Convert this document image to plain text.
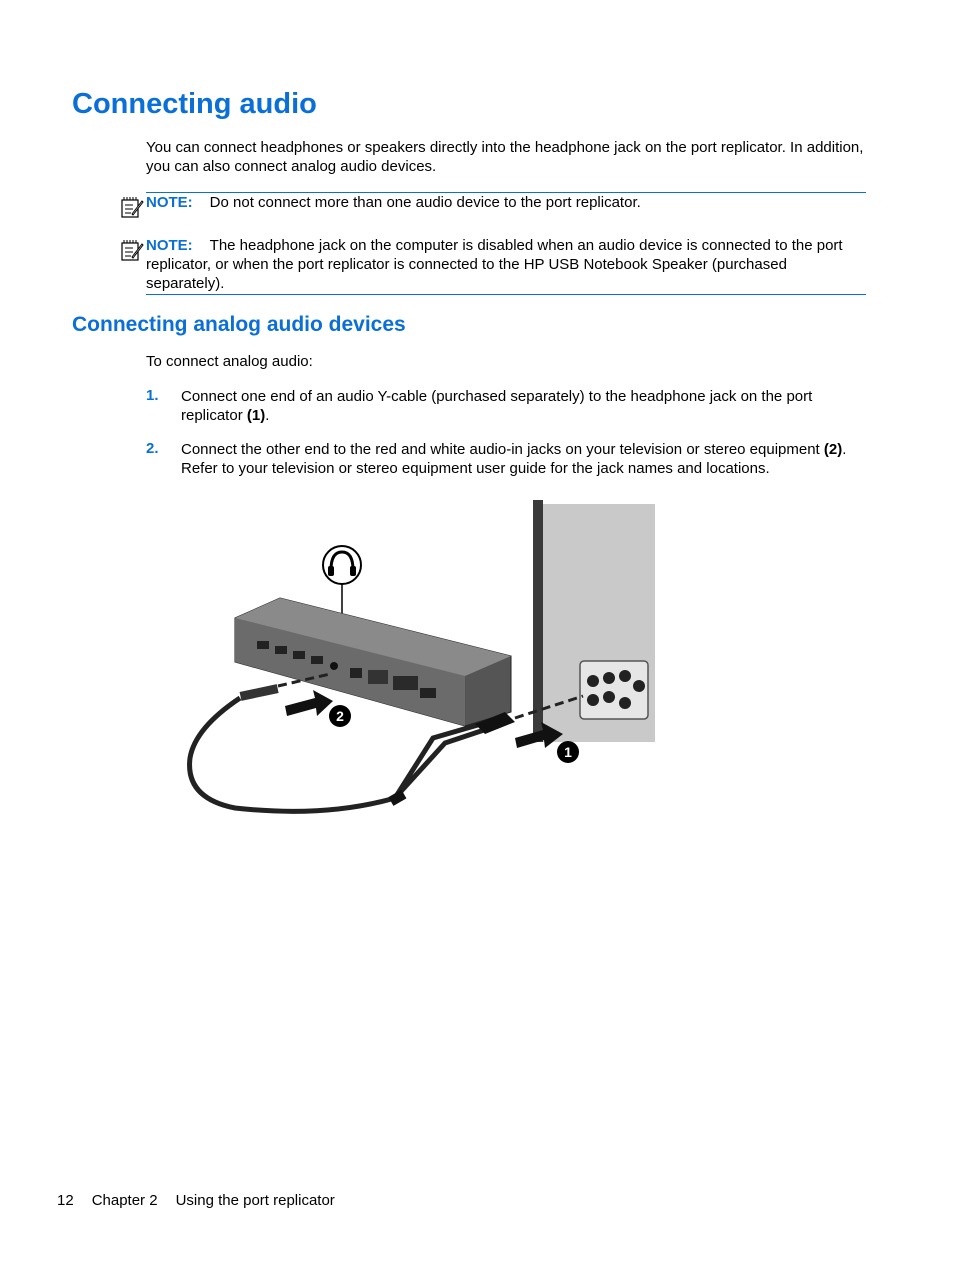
Connecting audio

You can connect headphones or speakers directly into the headphone jack on the port replicator. In addition, you can also connect analog audio devices.

NOTE: Do not connect more than one audio device to the port replicator.
NOTE: The headphone jack on the computer is disabled when an audio device is connected to the port replicator, or when the port replicator is connected to the HP USB Notebook Speaker (purchased separately).
Connecting analog audio devices

To connect analog audio:

1. Connect one end of an audio Y-cable (purchased separately) to the headphone jack on the port replicator (1).
2. Connect the other end to the red and white audio-in jacks on your television or stereo equipment (2). Refer to your television or stereo equipment user guide for the jack names and locations.
2
1
12 Chapter 2 Using the port replicator
